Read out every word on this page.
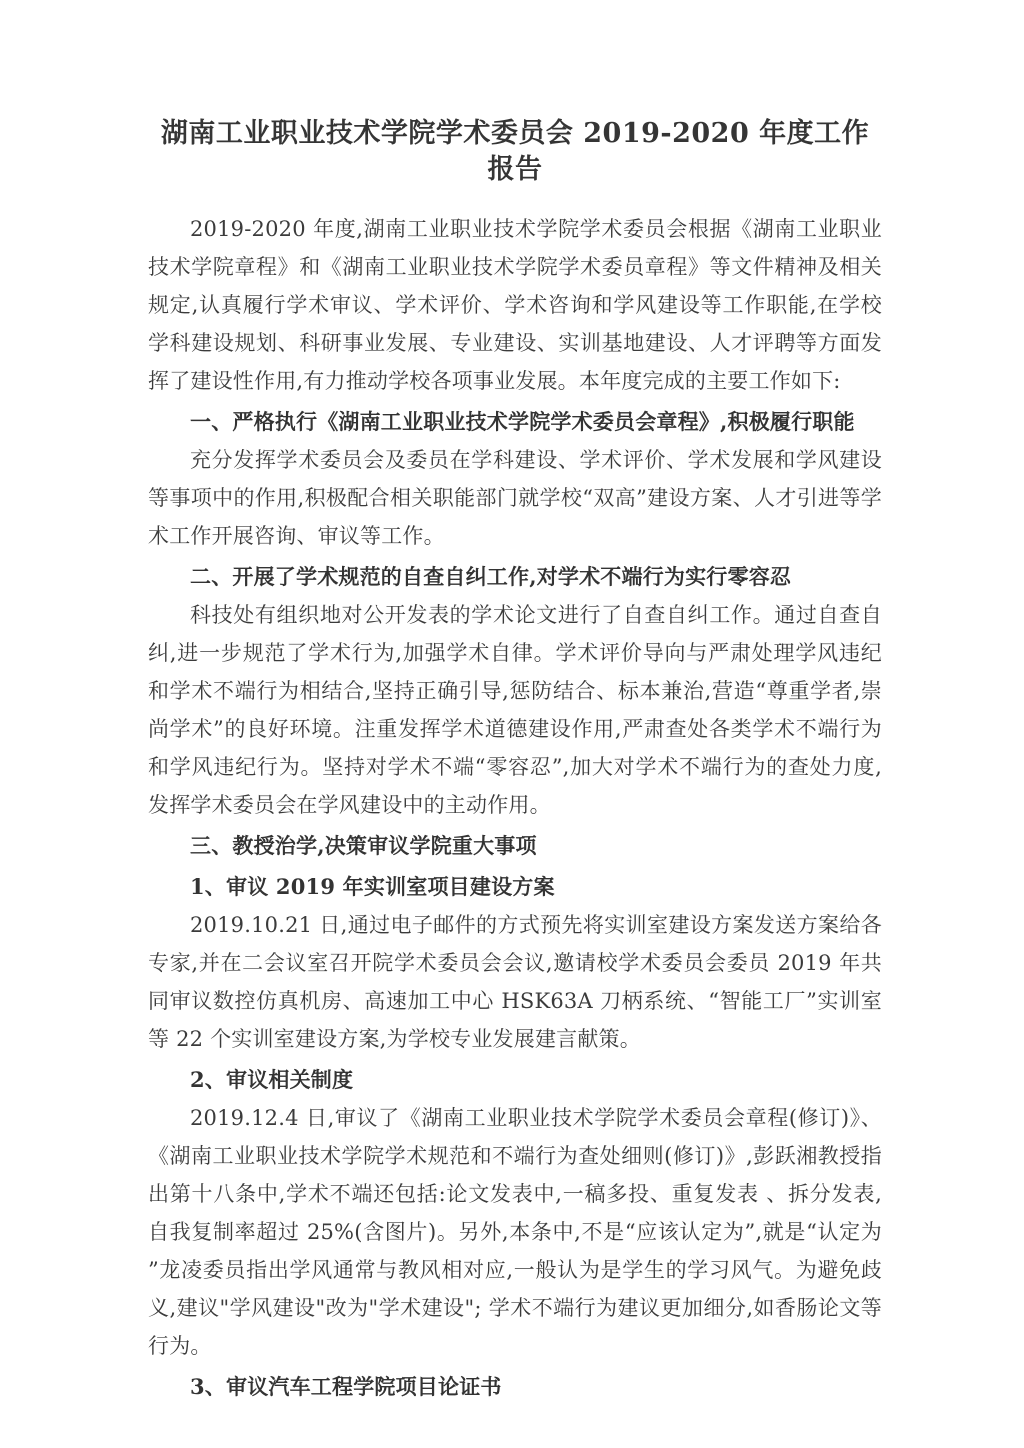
湖南工业职业技术学院学术委员会 2019-2020 年度工作报告

2019-2020 年度,湖南工业职业技术学院学术委员会根据《湖南工业职业技术学院章程》和《湖南工业职业技术学院学术委员章程》等文件精神及相关规定,认真履行学术审议、学术评价、学术咨询和学风建设等工作职能,在学校学科建设规划、科研事业发展、专业建设、实训基地建设、人才评聘等方面发挥了建设性作用,有力推动学校各项事业发展。本年度完成的主要工作如下:

一、严格执行《湖南工业职业技术学院学术委员会章程》,积极履行职能

充分发挥学术委员会及委员在学科建设、学术评价、学术发展和学风建设等事项中的作用,积极配合相关职能部门就学校“双高”建设方案、人才引进等学术工作开展咨询、审议等工作。

二、开展了学术规范的自查自纠工作,对学术不端行为实行零容忍

科技处有组织地对公开发表的学术论文进行了自查自纠工作。通过自查自纠,进一步规范了学术行为,加强学术自律。学术评价导向与严肃处理学风违纪和学术不端行为相结合,坚持正确引导,惩防结合、标本兼治,营造“尊重学者,崇尚学术”的良好环境。注重发挥学术道德建设作用,严肃查处各类学术不端行为和学风违纪行为。坚持对学术不端“零容忍”,加大对学术不端行为的查处力度,发挥学术委员会在学风建设中的主动作用。

三、教授治学,决策审议学院重大事项

1、审议 2019 年实训室项目建设方案

2019.10.21 日,通过电子邮件的方式预先将实训室建设方案发送方案给各专家,并在二会议室召开院学术委员会会议,邀请校学术委员会委员 2019 年共同审议数控仿真机房、高速加工中心 HSK63A 刀柄系统、“智能工厂”实训室等 22 个实训室建设方案,为学校专业发展建言献策。

2、审议相关制度

2019.12.4 日,审议了《湖南工业职业技术学院学术委员会章程(修订)》、《湖南工业职业技术学院学术规范和不端行为查处细则(修订)》,彭跃湘教授指出第十八条中,学术不端还包括:论文发表中,一稿多投、重复发表 、拆分发表,自我复制率超过 25%(含图片)。另外,本条中,不是“应该认定为”,就是“认定为 ”龙凌委员指出学风通常与教风相对应,一般认为是学生的学习风气。为避免歧义,建议"学风建设"改为"学术建设"; 学术不端行为建议更加细分,如香肠论文等行为。

3、审议汽车工程学院项目论证书
